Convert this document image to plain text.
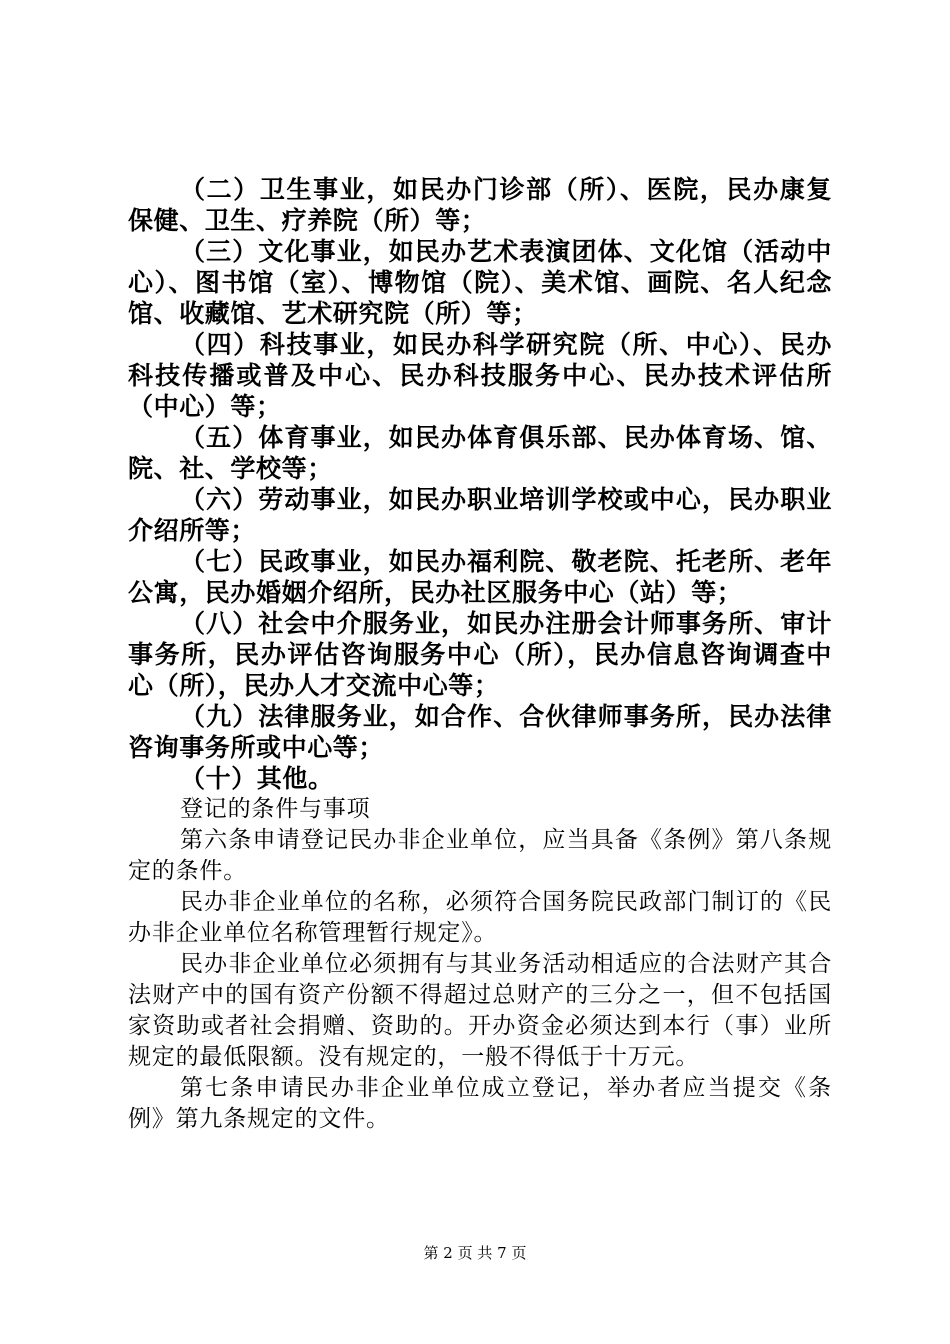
（二）卫生事业，如民办门诊部（所）、医院，民办康复保健、卫生、疗养院（所）等；

（三）文化事业，如民办艺术表演团体、文化馆（活动中心）、图书馆（室）、博物馆（院）、美术馆、画院、名人纪念馆、收藏馆、艺术研究院（所）等；

（四）科技事业，如民办科学研究院（所、中心）、民办科技传播或普及中心、民办科技服务中心、民办技术评估所（中心）等；

（五）体育事业，如民办体育俱乐部、民办体育场、馆、院、社、学校等；

（六）劳动事业，如民办职业培训学校或中心，民办职业介绍所等；

（七）民政事业，如民办福利院、敬老院、托老所、老年公寓，民办婚姻介绍所，民办社区服务中心（站）等；

（八）社会中介服务业，如民办注册会计师事务所、审计事务所，民办评估咨询服务中心（所），民办信息咨询调查中心（所），民办人才交流中心等；

（九）法律服务业，如合作、合伙律师事务所，民办法律咨询事务所或中心等；

（十）其他。

登记的条件与事项

第六条申请登记民办非企业单位，应当具备《条例》第八条规定的条件。

民办非企业单位的名称，必须符合国务院民政部门制订的《民办非企业单位名称管理暂行规定》。

民办非企业单位必须拥有与其业务活动相适应的合法财产其合法财产中的国有资产份额不得超过总财产的三分之一，但不包括国家资助或者社会捐赠、资助的。开办资金必须达到本行（事）业所规定的最低限额。没有规定的，一般不得低于十万元。

第七条申请民办非企业单位成立登记，举办者应当提交《条例》第九条规定的文件。

第 2 页 共 7 页
